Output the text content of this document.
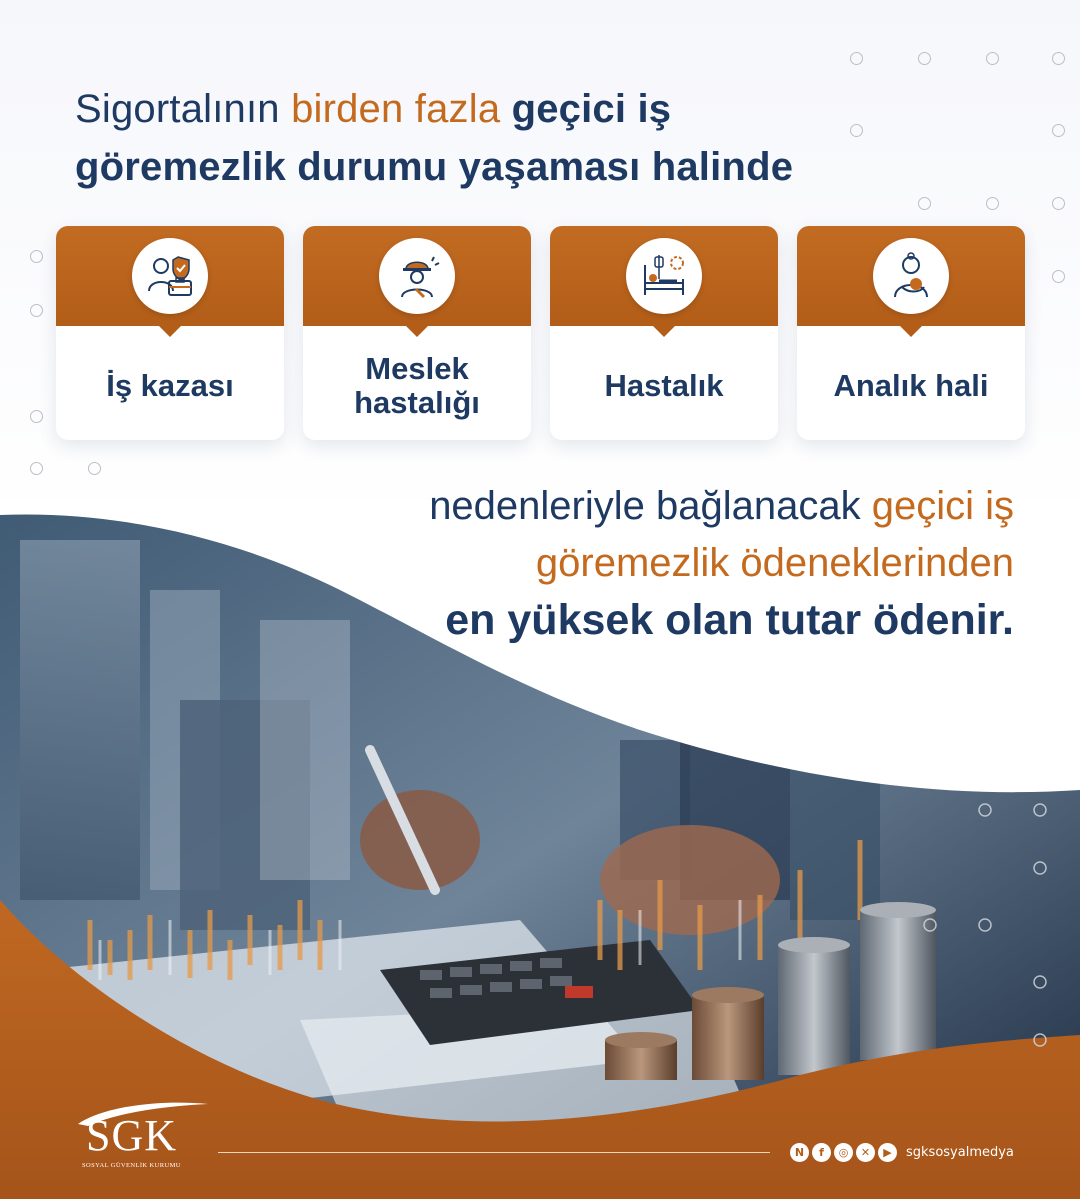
Sigortalının birden fazla geçici iş
göremezlik durumu yaşaması halinde
İş kazası	Meslek
hastalığı	Hastalık	Analık hali
nedenleriyle bağlanacak geçici iş
göremezlik ödeneklerinden
en yüksek olan tutar ödenir.
SGK
SOSYAL GÜVENLİK KURUMU
N	f	◎	✕	▶	sgksosyalmedya
